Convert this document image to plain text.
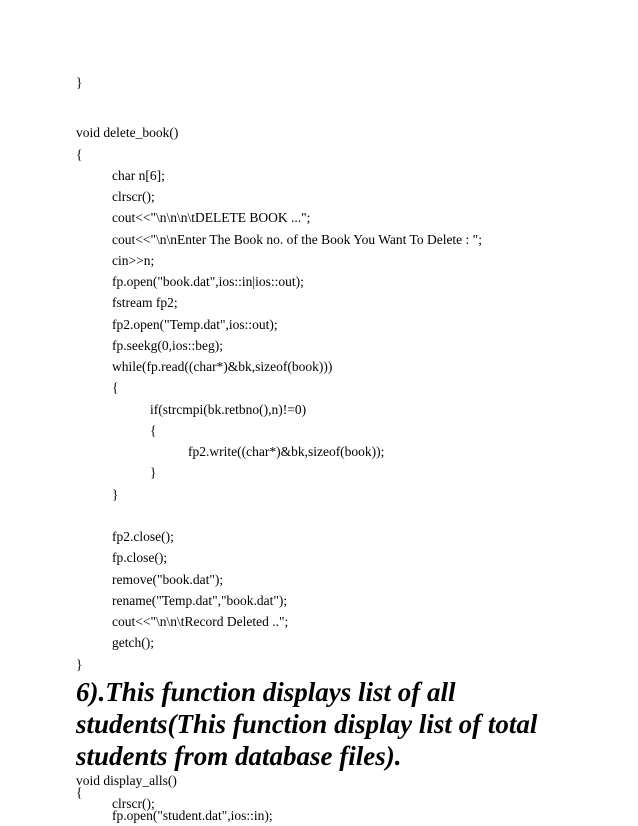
}
void delete_book()
{
char n[6];
clrscr();
cout<<"\n\n\n\tDELETE BOOK ...";
cout<<"\n\nEnter The Book no. of the Book You Want To Delete : ";
cin>>n;
fp.open("book.dat",ios::in|ios::out);
fstream fp2;
fp2.open("Temp.dat",ios::out);
fp.seekg(0,ios::beg);
while(fp.read((char*)&bk,sizeof(book)))
{
if(strcmpi(bk.retbno(),n)!=0)
{
fp2.write((char*)&bk,sizeof(book));
}
}
fp2.close();
fp.close();
remove("book.dat");
rename("Temp.dat","book.dat");
cout<<"\n\n\tRecord Deleted ..";
getch();
}
6).This function displays list of all
students(This function display list of total
students from database files).
void display_alls()
{
clrscr();
fp.open("student.dat",ios::in);
